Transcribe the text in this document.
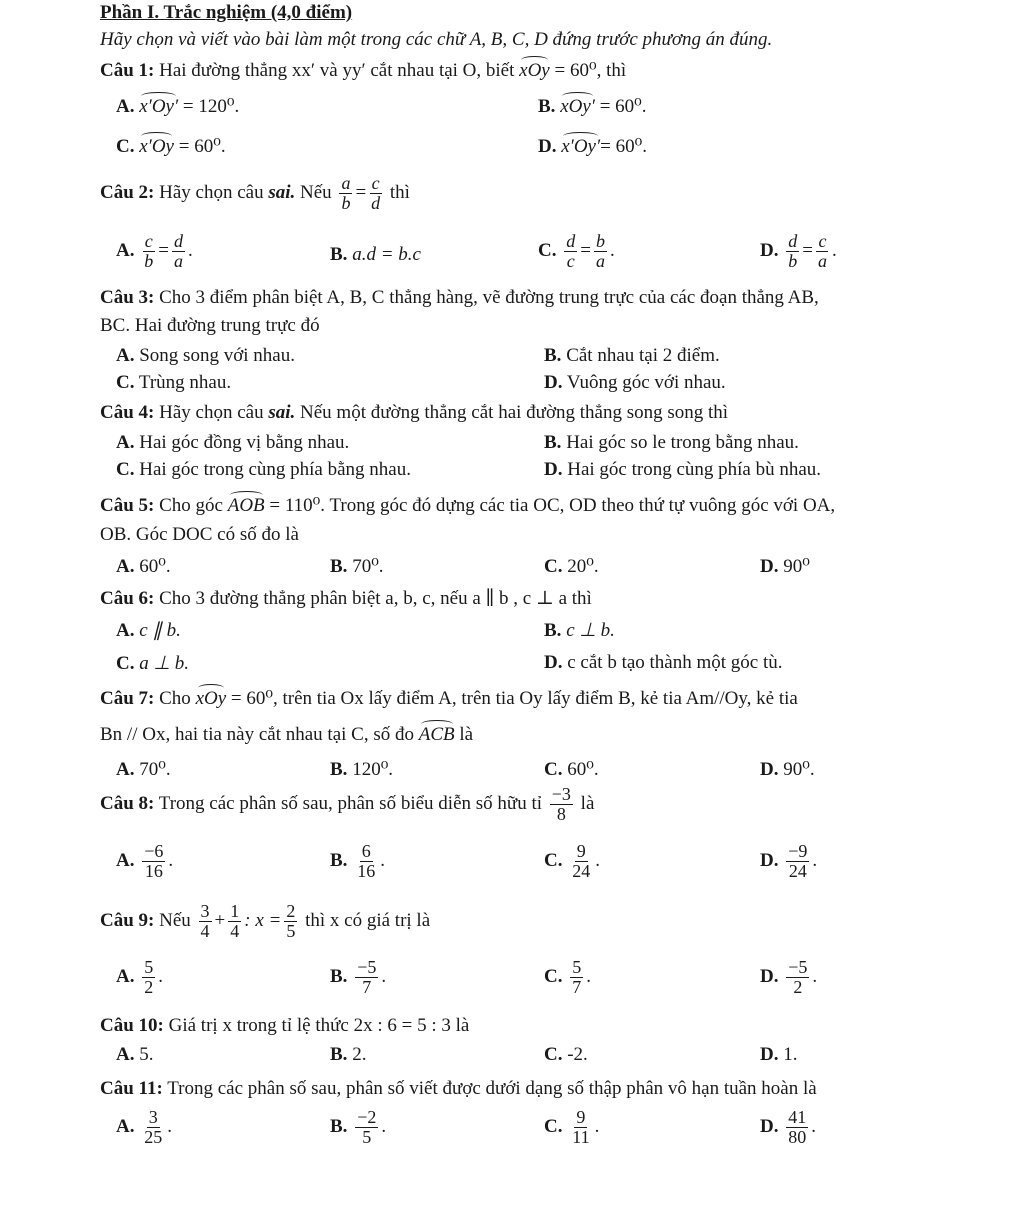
Phần I. Trắc nghiệm (4,0 điểm)
Hãy chọn và viết vào bài làm một trong các chữ A, B, C, D đứng trước phương án đúng.
Câu 1: Hai đường thẳng xx′ và yy′ cắt nhau tại O, biết xOy = 60⁰, thì
A. x′Oy′ = 120⁰.	B. xOy′ = 60⁰.
C. x′Oy = 60⁰.	D. x′Oy′= 60⁰.
Câu 2: Hãy chọn câu sai. Nếu $\frac{a}{b} = \frac{c}{d}$ thì
A. $\frac{c}{b} = \frac{d}{a}$ .	B. a.d = b.c	C. $\frac{d}{c} = \frac{b}{a}$ .	D. $\frac{d}{b} = \frac{c}{a}$ .
Câu 3: Cho 3 điểm phân biệt A, B, C thẳng hàng, vẽ đường trung trực của các đoạn thẳng AB,
BC. Hai đường trung trực đó
A. Song song với nhau.	B. Cắt nhau tại 2 điểm.
C. Trùng nhau.	D. Vuông góc với nhau.
Câu 4: Hãy chọn câu sai. Nếu một đường thẳng cắt hai đường thẳng song song thì
A. Hai góc đồng vị bằng nhau.	B. Hai góc so le trong bằng nhau.
C. Hai góc trong cùng phía bằng nhau.	D. Hai góc trong cùng phía bù nhau.
Câu 5: Cho góc AOB = 110⁰. Trong góc đó dựng các tia OC, OD theo thứ tự vuông góc với OA,
OB. Góc DOC có số đo là
A. 60⁰.	B. 70⁰.	C. 20⁰.	D. 90⁰
Câu 6: Cho 3 đường thẳng phân biệt a, b, c, nếu a ∥ b , c ⊥ a thì
A. c ∥ b.	B. c ⊥ b.
C. a ⊥ b.	D. c cắt b tạo thành một góc tù.
Câu 7: Cho xOy = 60⁰, trên tia Ox lấy điểm A, trên tia Oy lấy điểm B, kẻ tia Am//Oy, kẻ tia
Bn // Ox, hai tia này cắt nhau tại C, số đo ACB là
A. 70⁰.	B. 120⁰.	C. 60⁰.	D. 90⁰.
Câu 8: Trong các phân số sau, phân số biểu diễn số hữu tỉ $\frac{-3}{8}$ là
A. $\frac{-6}{16}$ .	B. $\frac{6}{16}$ .	C. $\frac{9}{24}$ .	D. $\frac{-9}{24}$ .
Câu 9: Nếu $\frac{3}{4} + \frac{1}{4}$ : $x = \frac{2}{5}$ thì x có giá trị là
A. $\frac{5}{2}$ .	B. $\frac{-5}{7}$ .	C. $\frac{5}{7}$ .	D. $\frac{-5}{2}$ .
Câu 10: Giá trị x trong tỉ lệ thức 2x : 6 = 5 : 3 là
A. 5.	B. 2.	C. -2.	D. 1.
Câu 11: Trong các phân số sau, phân số viết được dưới dạng số thập phân vô hạn tuần hoàn là
A. $\frac{3}{25}$ .	B. $\frac{-2}{5}$ .	C. $\frac{9}{11}$ .	D. $\frac{41}{80}$ .
